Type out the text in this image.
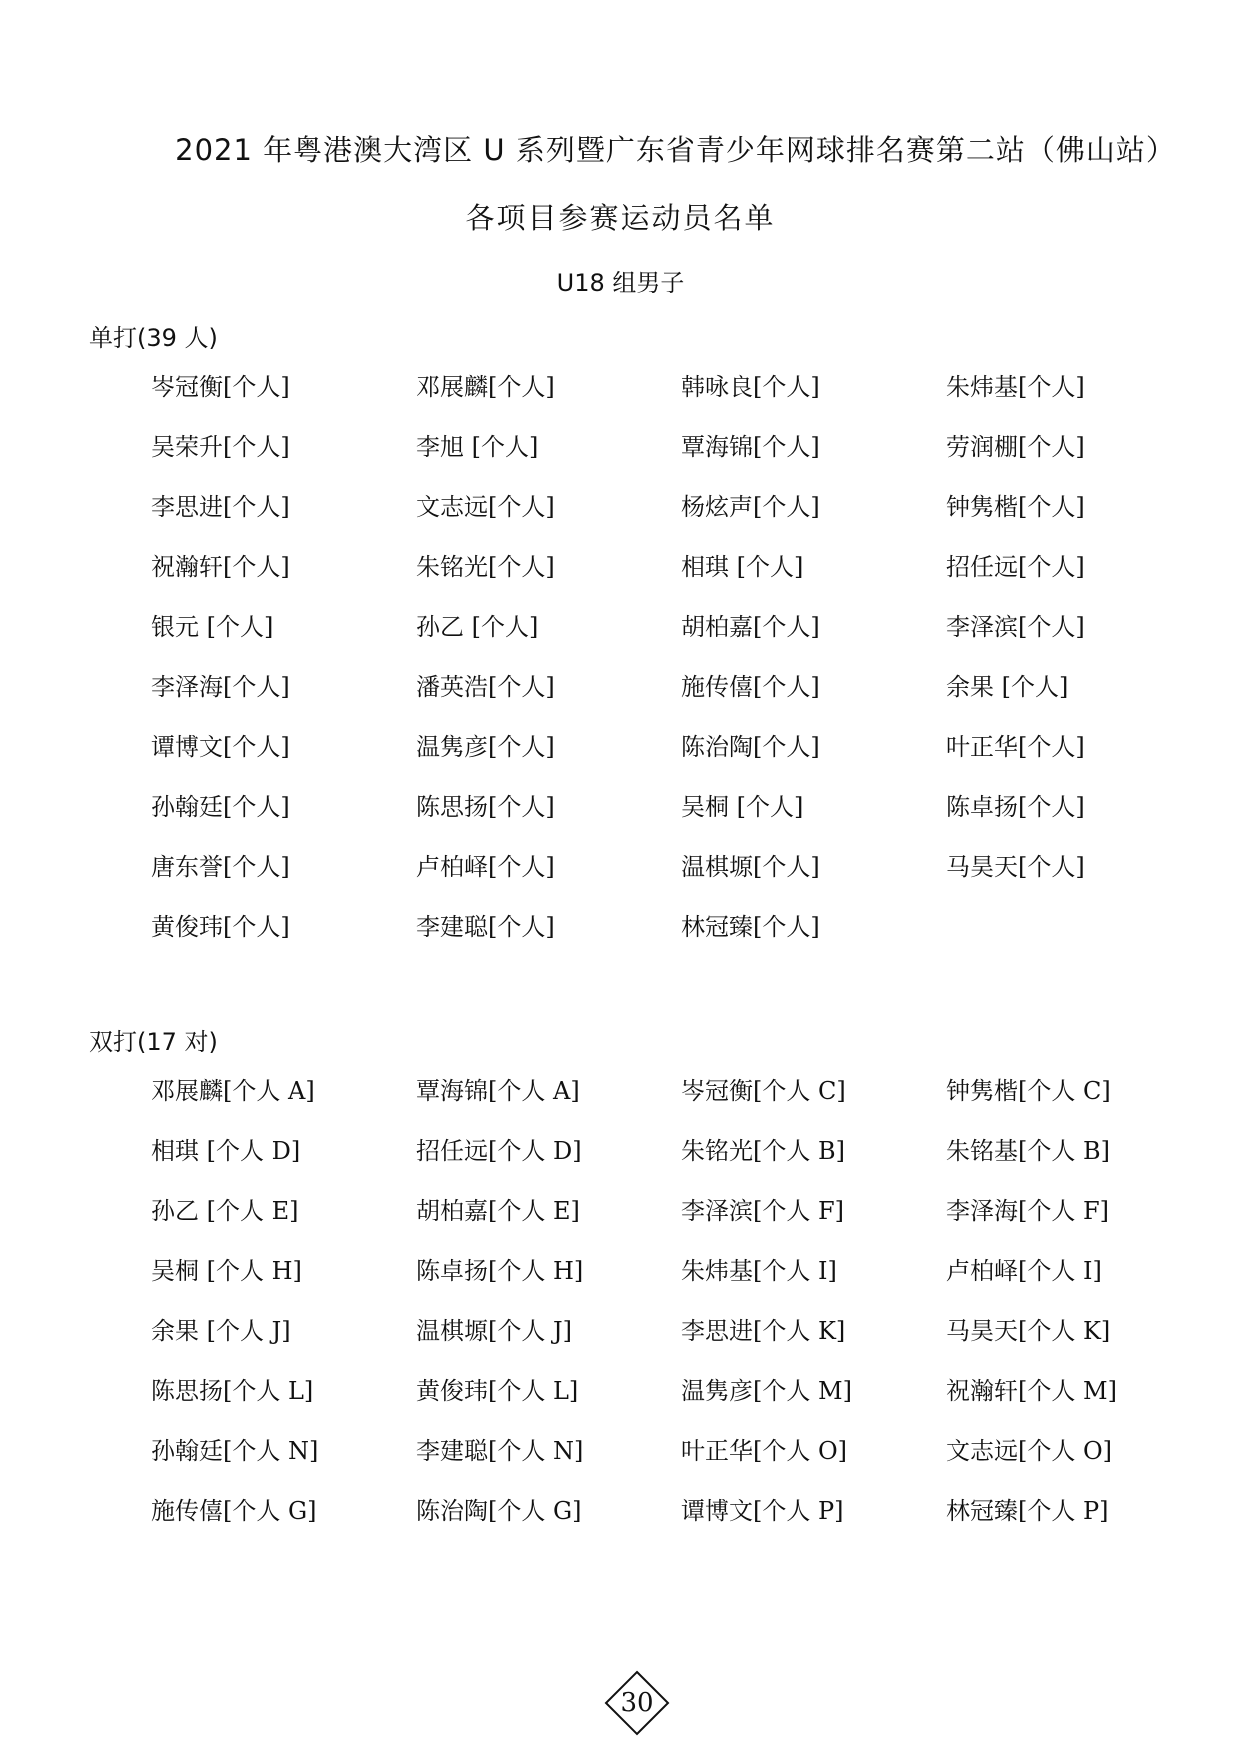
2021 年粤港澳大湾区 U 系列暨广东省青少年网球排名赛第二站（佛山站）
各项目参赛运动员名单
U18 组男子
单打(39 人)
岑冠衡[个人]	邓展麟[个人]	韩咏良[个人]	朱炜基[个人]
吴荣升[个人]	李旭 [个人]	覃海锦[个人]	劳润棚[个人]
李思进[个人]	文志远[个人]	杨炫声[个人]	钟隽楷[个人]
祝瀚轩[个人]	朱铭光[个人]	相琪 [个人]	招任远[个人]
银元 [个人]	孙乙 [个人]	胡柏嘉[个人]	李泽滨[个人]
李泽海[个人]	潘英浩[个人]	施传僖[个人]	余果 [个人]
谭博文[个人]	温隽彦[个人]	陈治陶[个人]	叶正华[个人]
孙翰廷[个人]	陈思扬[个人]	吴桐 [个人]	陈卓扬[个人]
唐东誉[个人]	卢柏峄[个人]	温棋塬[个人]	马昊天[个人]
黄俊玮[个人]	李建聪[个人]	林冠臻[个人]
双打(17 对)
邓展麟[个人 A]	覃海锦[个人 A]	岑冠衡[个人 C]	钟隽楷[个人 C]
相琪 [个人 D]	招任远[个人 D]	朱铭光[个人 B]	朱铭基[个人 B]
孙乙 [个人 E]	胡柏嘉[个人 E]	李泽滨[个人 F]	李泽海[个人 F]
吴桐 [个人 H]	陈卓扬[个人 H]	朱炜基[个人 I]	卢柏峄[个人 I]
余果 [个人 J]	温棋塬[个人 J]	李思进[个人 K]	马昊天[个人 K]
陈思扬[个人 L]	黄俊玮[个人 L]	温隽彦[个人 M]	祝瀚轩[个人 M]
孙翰廷[个人 N]	李建聪[个人 N]	叶正华[个人 O]	文志远[个人 O]
施传僖[个人 G]	陈治陶[个人 G]	谭博文[个人 P]	林冠臻[个人 P]
30
